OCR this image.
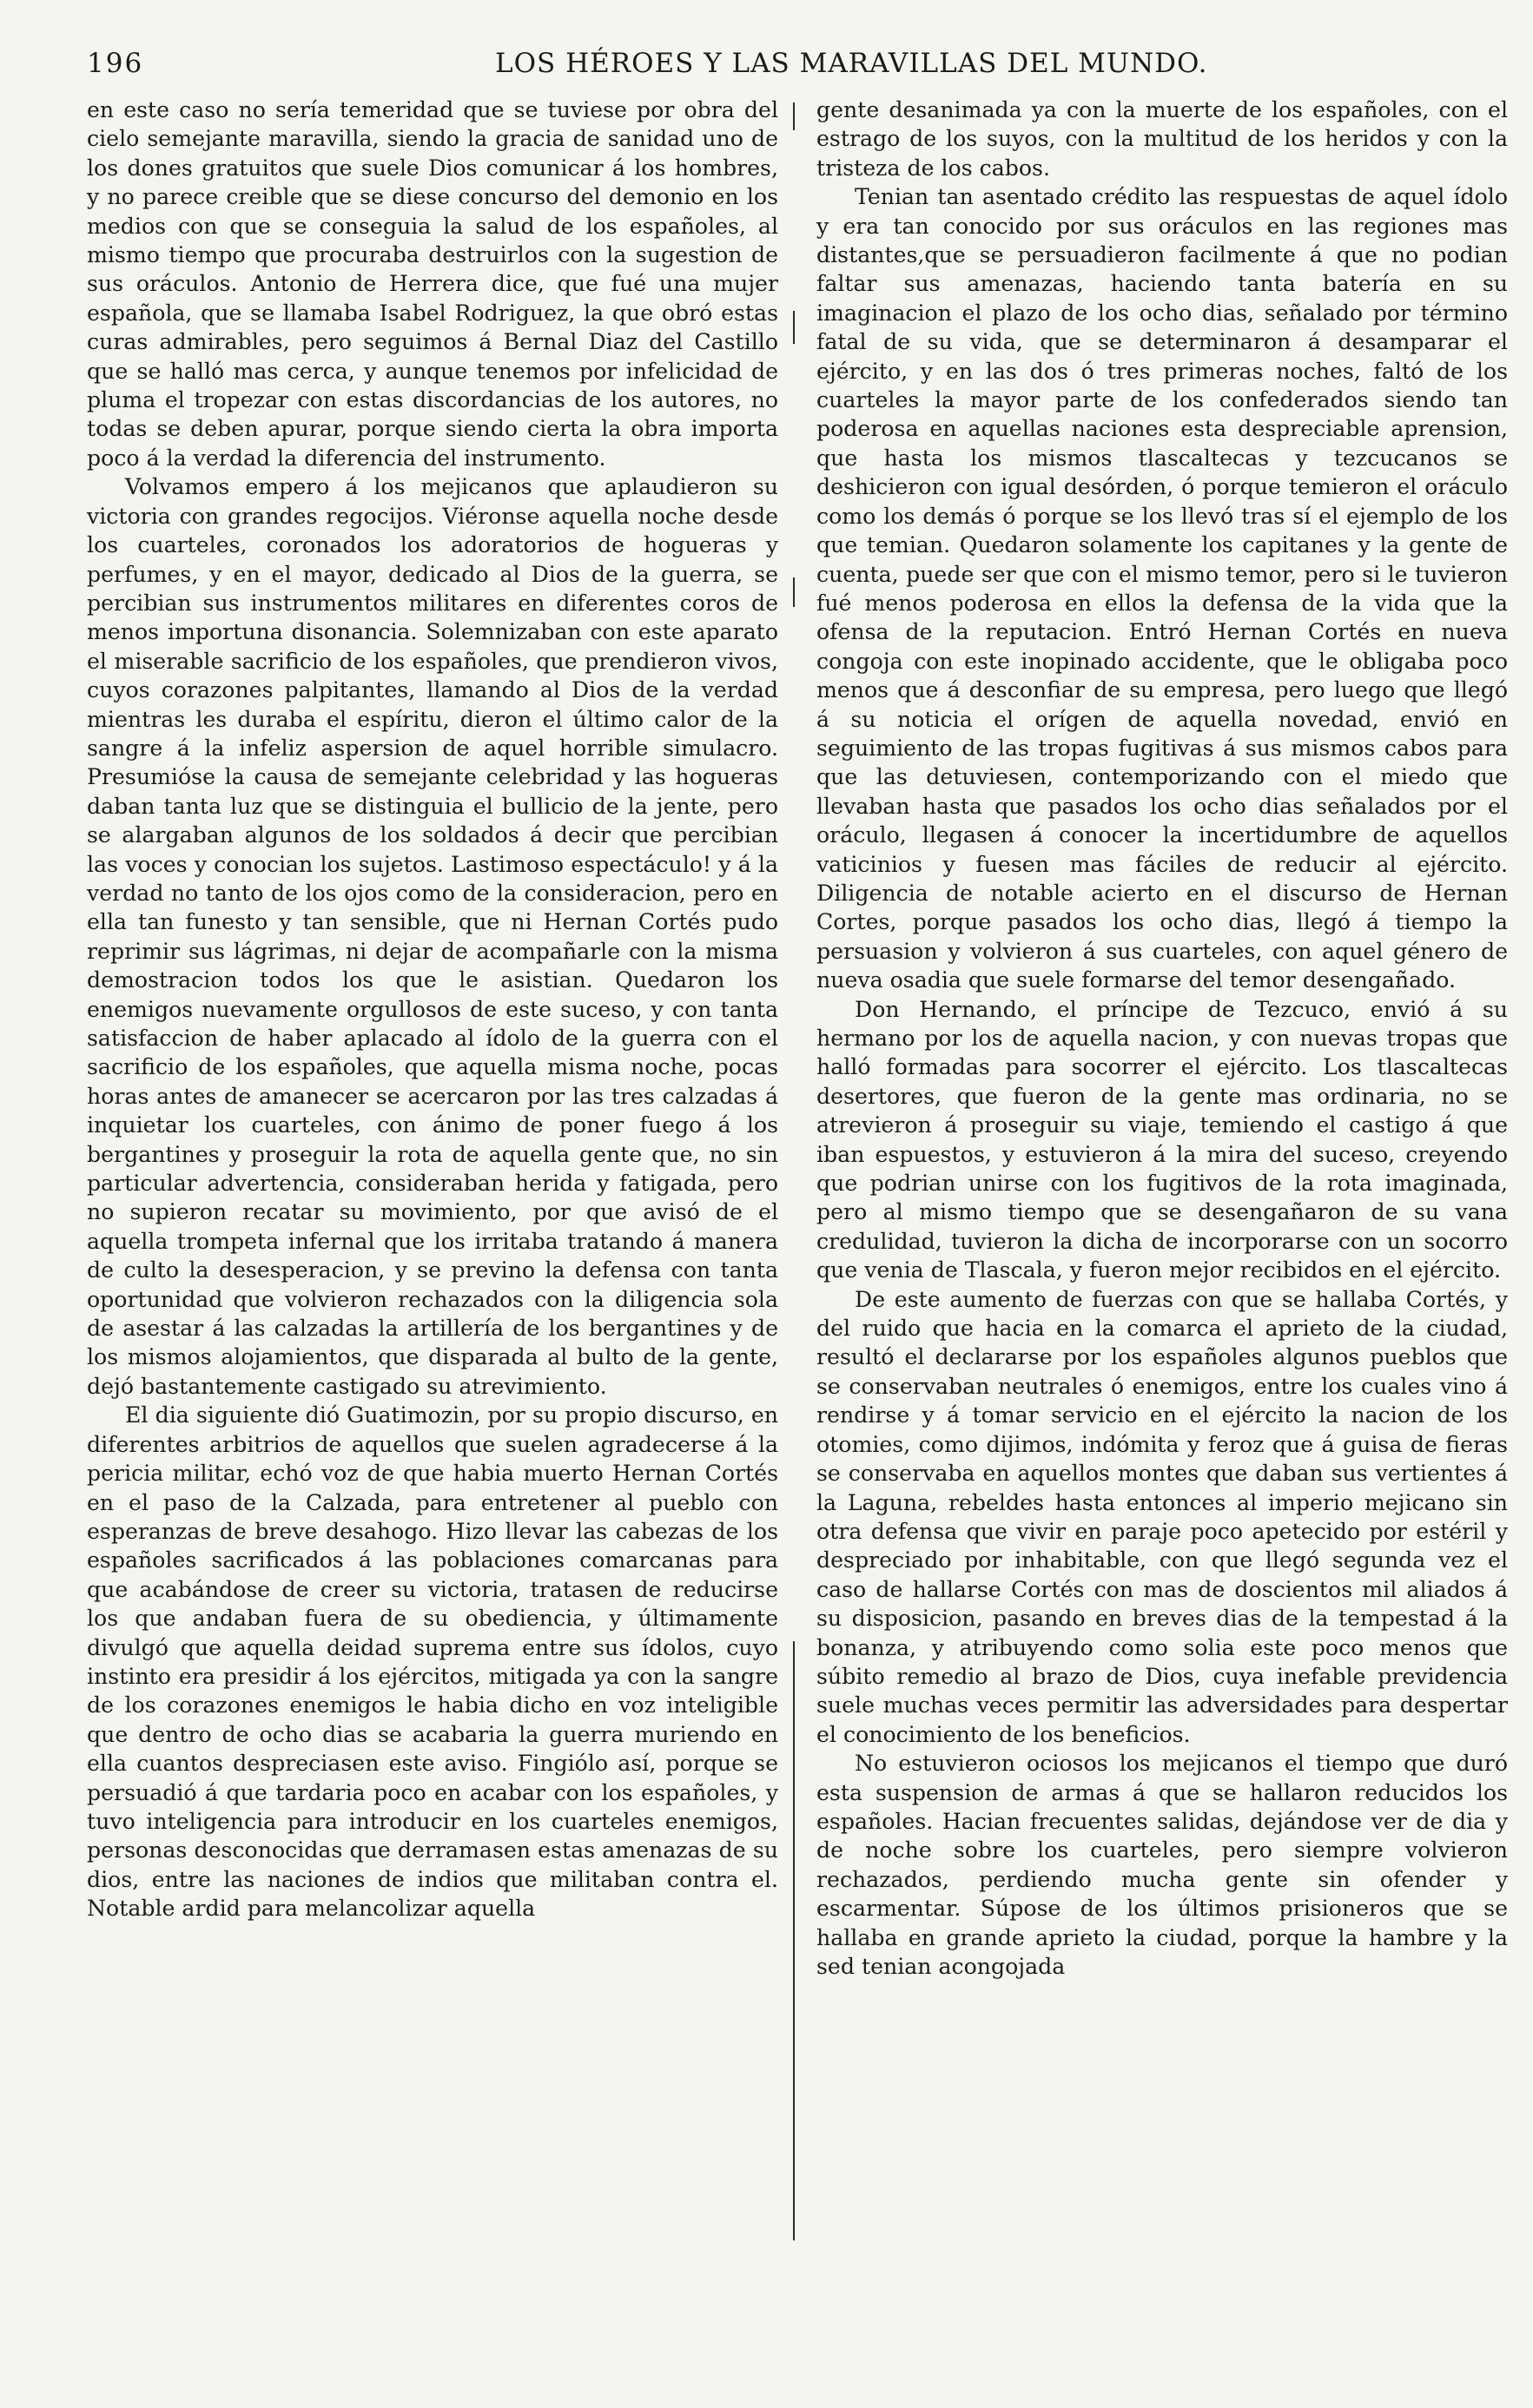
196	LOS HÉROES Y LAS MARAVILLAS DEL MUNDO.

en este caso no sería temeridad que se tuviese por obra del cielo semejante maravilla, siendo la gracia de sanidad uno de los dones gratuitos que suele Dios comunicar á los hombres, y no parece creible que se diese concurso del demonio en los medios con que se conseguia la salud de los españoles, al mismo tiempo que procuraba destruirlos con la sugestion de sus oráculos. Antonio de Herrera dice, que fué una mujer española, que se llamaba Isabel Rodriguez, la que obró estas curas admirables, pero seguimos á Bernal Diaz del Castillo que se halló mas cerca, y aunque tenemos por infelicidad de pluma el tropezar con estas discordancias de los autores, no todas se deben apurar, porque siendo cierta la obra importa poco á la verdad la diferencia del instrumento.

Volvamos empero á los mejicanos que aplaudieron su victoria con grandes regocijos. Viéronse aquella noche desde los cuarteles, coronados los adoratorios de hogueras y perfumes, y en el mayor, dedicado al Dios de la guerra, se percibian sus instrumentos militares en diferentes coros de menos importuna disonancia. Solemnizaban con este aparato el miserable sacrificio de los españoles, que prendieron vivos, cuyos corazones palpitantes, llamando al Dios de la verdad mientras les duraba el espíritu, dieron el último calor de la sangre á la infeliz aspersion de aquel horrible simulacro. Presumióse la causa de semejante celebridad y las hogueras daban tanta luz que se distinguia el bullicio de la jente, pero se alargaban algunos de los soldados á decir que percibian las voces y conocian los sujetos. Lastimoso espectáculo! y á la verdad no tanto de los ojos como de la consideracion, pero en ella tan funesto y tan sensible, que ni Hernan Cortés pudo reprimir sus lágrimas, ni dejar de acompañarle con la misma demostracion todos los que le asistian. Quedaron los enemigos nuevamente orgullosos de este suceso, y con tanta satisfaccion de haber aplacado al ídolo de la guerra con el sacrificio de los españoles, que aquella misma noche, pocas horas antes de amanecer se acercaron por las tres calzadas á inquietar los cuarteles, con ánimo de poner fuego á los bergantines y proseguir la rota de aquella gente que, no sin particular advertencia, consideraban herida y fatigada, pero no supieron recatar su movimiento, por que avisó de el aquella trompeta infernal que los irritaba tratando á manera de culto la desesperacion, y se previno la defensa con tanta oportunidad que volvieron rechazados con la diligencia sola de asestar á las calzadas la artillería de los bergantines y de los mismos alojamientos, que disparada al bulto de la gente, dejó bastantemente castigado su atrevimiento.

El dia siguiente dió Guatimozin, por su propio discurso, en diferentes arbitrios de aquellos que suelen agradecerse á la pericia militar, echó voz de que habia muerto Hernan Cortés en el paso de la Calzada, para entretener al pueblo con esperanzas de breve desahogo. Hizo llevar las cabezas de los españoles sacrificados á las poblaciones comarcanas para que acabándose de creer su victoria, tratasen de reducirse los que andaban fuera de su obediencia, y últimamente divulgó que aquella deidad suprema entre sus ídolos, cuyo instinto era presidir á los ejércitos, mitigada ya con la sangre de los corazones enemigos le habia dicho en voz inteligible que dentro de ocho dias se acabaria la guerra muriendo en ella cuantos despreciasen este aviso. Fingiólo así, porque se persuadió á que tardaria poco en acabar con los españoles, y tuvo inteligencia para introducir en los cuarteles enemigos, personas desconocidas que derramasen estas amenazas de su dios, entre las naciones de indios que militaban contra el. Notable ardid para melancolizar aquella

gente desanimada ya con la muerte de los españoles, con el estrago de los suyos, con la multitud de los heridos y con la tristeza de los cabos.

Tenian tan asentado crédito las respuestas de aquel ídolo y era tan conocido por sus oráculos en las regiones mas distantes,que se persuadieron facilmente á que no podian faltar sus amenazas, haciendo tanta batería en su imaginacion el plazo de los ocho dias, señalado por término fatal de su vida, que se determinaron á desamparar el ejército, y en las dos ó tres primeras noches, faltó de los cuarteles la mayor parte de los confederados siendo tan poderosa en aquellas naciones esta despreciable aprension, que hasta los mismos tlascaltecas y tezcucanos se deshicieron con igual desórden, ó porque temieron el oráculo como los demás ó porque se los llevó tras sí el ejemplo de los que temian. Quedaron solamente los capitanes y la gente de cuenta, puede ser que con el mismo temor, pero si le tuvieron fué menos poderosa en ellos la defensa de la vida que la ofensa de la reputacion. Entró Hernan Cortés en nueva congoja con este inopinado accidente, que le obligaba poco menos que á desconfiar de su empresa, pero luego que llegó á su noticia el orígen de aquella novedad, envió en seguimiento de las tropas fugitivas á sus mismos cabos para que las detuviesen, contemporizando con el miedo que llevaban hasta que pasados los ocho dias señalados por el oráculo, llegasen á conocer la incertidumbre de aquellos vaticinios y fuesen mas fáciles de reducir al ejército. Diligencia de notable acierto en el discurso de Hernan Cortes, porque pasados los ocho dias, llegó á tiempo la persuasion y volvieron á sus cuarteles, con aquel género de nueva osadia que suele formarse del temor desengañado.

Don Hernando, el príncipe de Tezcuco, envió á su hermano por los de aquella nacion, y con nuevas tropas que halló formadas para socorrer el ejército. Los tlascaltecas desertores, que fueron de la gente mas ordinaria, no se atrevieron á proseguir su viaje, temiendo el castigo á que iban espuestos, y estuvieron á la mira del suceso, creyendo que podrian unirse con los fugitivos de la rota imaginada, pero al mismo tiempo que se desengañaron de su vana credulidad, tuvieron la dicha de incorporarse con un socorro que venia de Tlascala, y fueron mejor recibidos en el ejército.

De este aumento de fuerzas con que se hallaba Cortés, y del ruido que hacia en la comarca el aprieto de la ciudad, resultó el declararse por los españoles algunos pueblos que se conservaban neutrales ó enemigos, entre los cuales vino á rendirse y á tomar servicio en el ejército la nacion de los otomies, como dijimos, indómita y feroz que á guisa de fieras se conservaba en aquellos montes que daban sus vertientes á la Laguna, rebeldes hasta entonces al imperio mejicano sin otra defensa que vivir en paraje poco apetecido por estéril y despreciado por inhabitable, con que llegó segunda vez el caso de hallarse Cortés con mas de doscientos mil aliados á su disposicion, pasando en breves dias de la tempestad á la bonanza, y atribuyendo como solia este poco menos que súbito remedio al brazo de Dios, cuya inefable previdencia suele muchas veces permitir las adversidades para despertar el conocimiento de los beneficios.

No estuvieron ociosos los mejicanos el tiempo que duró esta suspension de armas á que se hallaron reducidos los españoles. Hacian frecuentes salidas, dejándose ver de dia y de noche sobre los cuarteles, pero siempre volvieron rechazados, perdiendo mucha gente sin ofender y escarmentar. Súpose de los últimos prisioneros que se hallaba en grande aprieto la ciudad, porque la hambre y la sed tenian acongojada
